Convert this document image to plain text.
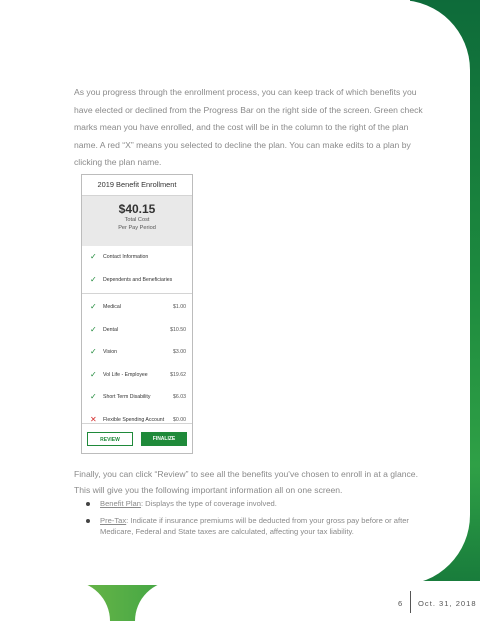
As you progress through the enrollment process, you can keep track of which benefits you have elected or declined from the Progress Bar on the right side of the screen. Green check marks mean you have enrolled, and the cost will be in the column to the right of the plan name. A red “X” means you selected to decline the plan. You can make edits to a plan by clicking the plan name.

2019 Benefit Enrollment
$40.15
Total Cost
Per Pay Period
✓	Contact Information
✓	Dependents and Beneficiaries
✓	Medical	$1.00
✓	Dental	$10.50
✓	Vision	$3.00
✓	Vol Life - Employee	$19.62
✓	Short Term Disability	$6.03
✕	Flexible Spending Account	$0.00
REVIEW	FINALIZE

Finally, you can click “Review” to see all the benefits you've chosen to enroll in at a glance. This will give you the following important information all on one screen.

Benefit Plan: Displays the type of coverage involved.
Pre-Tax: Indicate if insurance premiums will be deducted from your gross pay before or after Medicare, Federal and State taxes are calculated, affecting your tax liability.
6 Oct. 31, 2018
